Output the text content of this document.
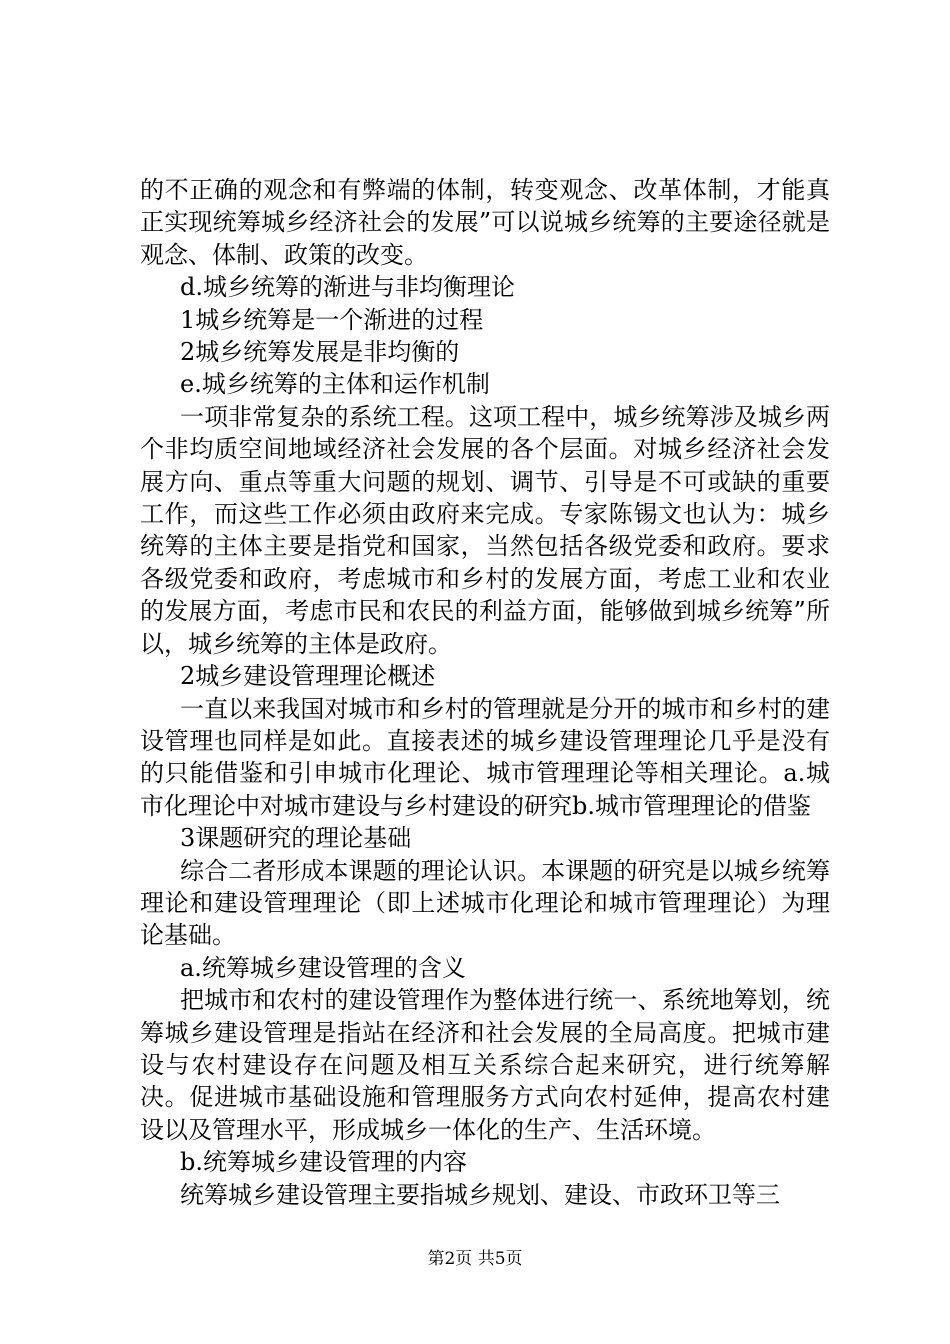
的不正确的观念和有弊端的体制，转变观念、改革体制，才能真正实现统筹城乡经济社会的发展”可以说城乡统筹的主要途径就是观念、体制、政策的改变。

d.城乡统筹的渐进与非均衡理论

1城乡统筹是一个渐进的过程

2城乡统筹发展是非均衡的

e.城乡统筹的主体和运作机制

一项非常复杂的系统工程。这项工程中，城乡统筹涉及城乡两个非均质空间地域经济社会发展的各个层面。对城乡经济社会发展方向、重点等重大问题的规划、调节、引导是不可或缺的重要工作，而这些工作必须由政府来完成。专家陈锡文也认为：城乡统筹的主体主要是指党和国家，当然包括各级党委和政府。要求各级党委和政府，考虑城市和乡村的发展方面，考虑工业和农业的发展方面，考虑市民和农民的利益方面，能够做到城乡统筹”所以，城乡统筹的主体是政府。

2城乡建设管理理论概述

一直以来我国对城市和乡村的管理就是分开的城市和乡村的建设管理也同样是如此。直接表述的城乡建设管理理论几乎是没有的只能借鉴和引申城市化理论、城市管理理论等相关理论。a.城市化理论中对城市建设与乡村建设的研究b.城市管理理论的借鉴

3课题研究的理论基础

综合二者形成本课题的理论认识。本课题的研究是以城乡统筹理论和建设管理理论（即上述城市化理论和城市管理理论）为理论基础。

a.统筹城乡建设管理的含义

把城市和农村的建设管理作为整体进行统一、系统地筹划，统筹城乡建设管理是指站在经济和社会发展的全局高度。把城市建设与农村建设存在问题及相互关系综合起来研究，进行统筹解决。促进城市基础设施和管理服务方式向农村延伸，提高农村建设以及管理水平，形成城乡一体化的生产、生活环境。

b.统筹城乡建设管理的内容

统筹城乡建设管理主要指城乡规划、建设、市政环卫等三

第2页 共5页
